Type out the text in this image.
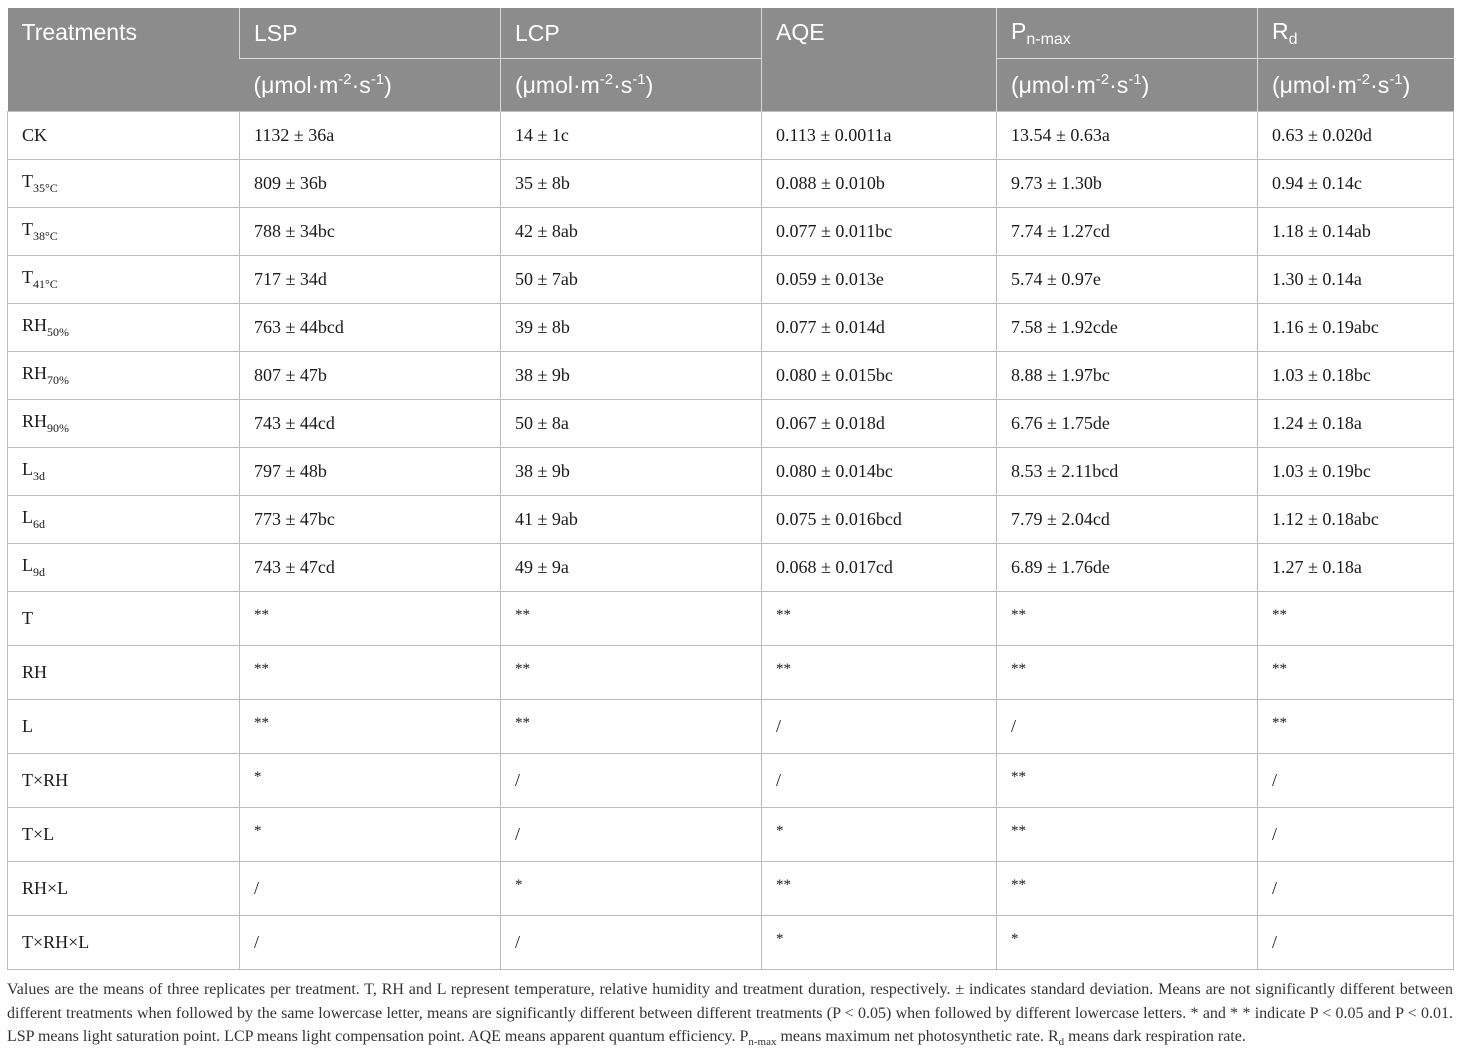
Treatments	LSP	LCP	AQE	$P_{n-max}$	$R_d$
	$(\mu mol\cdot m^{-2}\cdot s^{-1})$	$(\mu mol\cdot m^{-2}\cdot s^{-1})$		$(\mu mol\cdot m^{-2}\cdot s^{-1})$	$(\mu mol\cdot m^{-2}\cdot s^{-1})$
CK	1132 ± 36a	14 ± 1c	0.113 ± 0.0011a	13.54 ± 0.63a	0.63 ± 0.020d
$T_{35^\circ C}$	809 ± 36b	35 ± 8b	0.088 ± 0.010b	9.73 ± 1.30b	0.94 ± 0.14c
$T_{38^\circ C}$	788 ± 34bc	42 ± 8ab	0.077 ± 0.011bc	7.74 ± 1.27cd	1.18 ± 0.14ab
$T_{41^\circ C}$	717 ± 34d	50 ± 7ab	0.059 ± 0.013e	5.74 ± 0.97e	1.30 ± 0.14a
$RH_{50\%}$	763 ± 44bcd	39 ± 8b	0.077 ± 0.014d	7.58 ± 1.92cde	1.16 ± 0.19abc
$RH_{70\%}$	807 ± 47b	38 ± 9b	0.080 ± 0.015bc	8.88 ± 1.97bc	1.03 ± 0.18bc
$RH_{90\%}$	743 ± 44cd	50 ± 8a	0.067 ± 0.018d	6.76 ± 1.75de	1.24 ± 0.18a
$L_{3d}$	797 ± 48b	38 ± 9b	0.080 ± 0.014bc	8.53 ± 2.11bcd	1.03 ± 0.19bc
$L_{6d}$	773 ± 47bc	41 ± 9ab	0.075 ± 0.016bcd	7.79 ± 2.04cd	1.12 ± 0.18abc
$L_{9d}$	743 ± 47cd	49 ± 9a	0.068 ± 0.017cd	6.89 ± 1.76de	1.27 ± 0.18a
T	**	**	**	**	**
RH	**	**	**	**	**
L	**	**	/	/	**
T×RH	*	/	/	**	/
T×L	*	/	*	**	/
RH×L	/	*	**	**	/
T×RH×L	/	/	*	*	/
Values are the means of three replicates per treatment. T, RH and L represent temperature, relative humidity and treatment duration, respectively. ± indicates standard deviation. Means are not significantly different between different treatments when followed by the same lowercase letter, means are significantly different between different treatments (P < 0.05) when followed by different lowercase letters. * and * * indicate P < 0.05 and P < 0.01. LSP means light saturation point. LCP means light compensation point. AQE means apparent quantum efficiency. $P_{n-max}$ means maximum net photosynthetic rate. $R_d$ means dark respiration rate.
